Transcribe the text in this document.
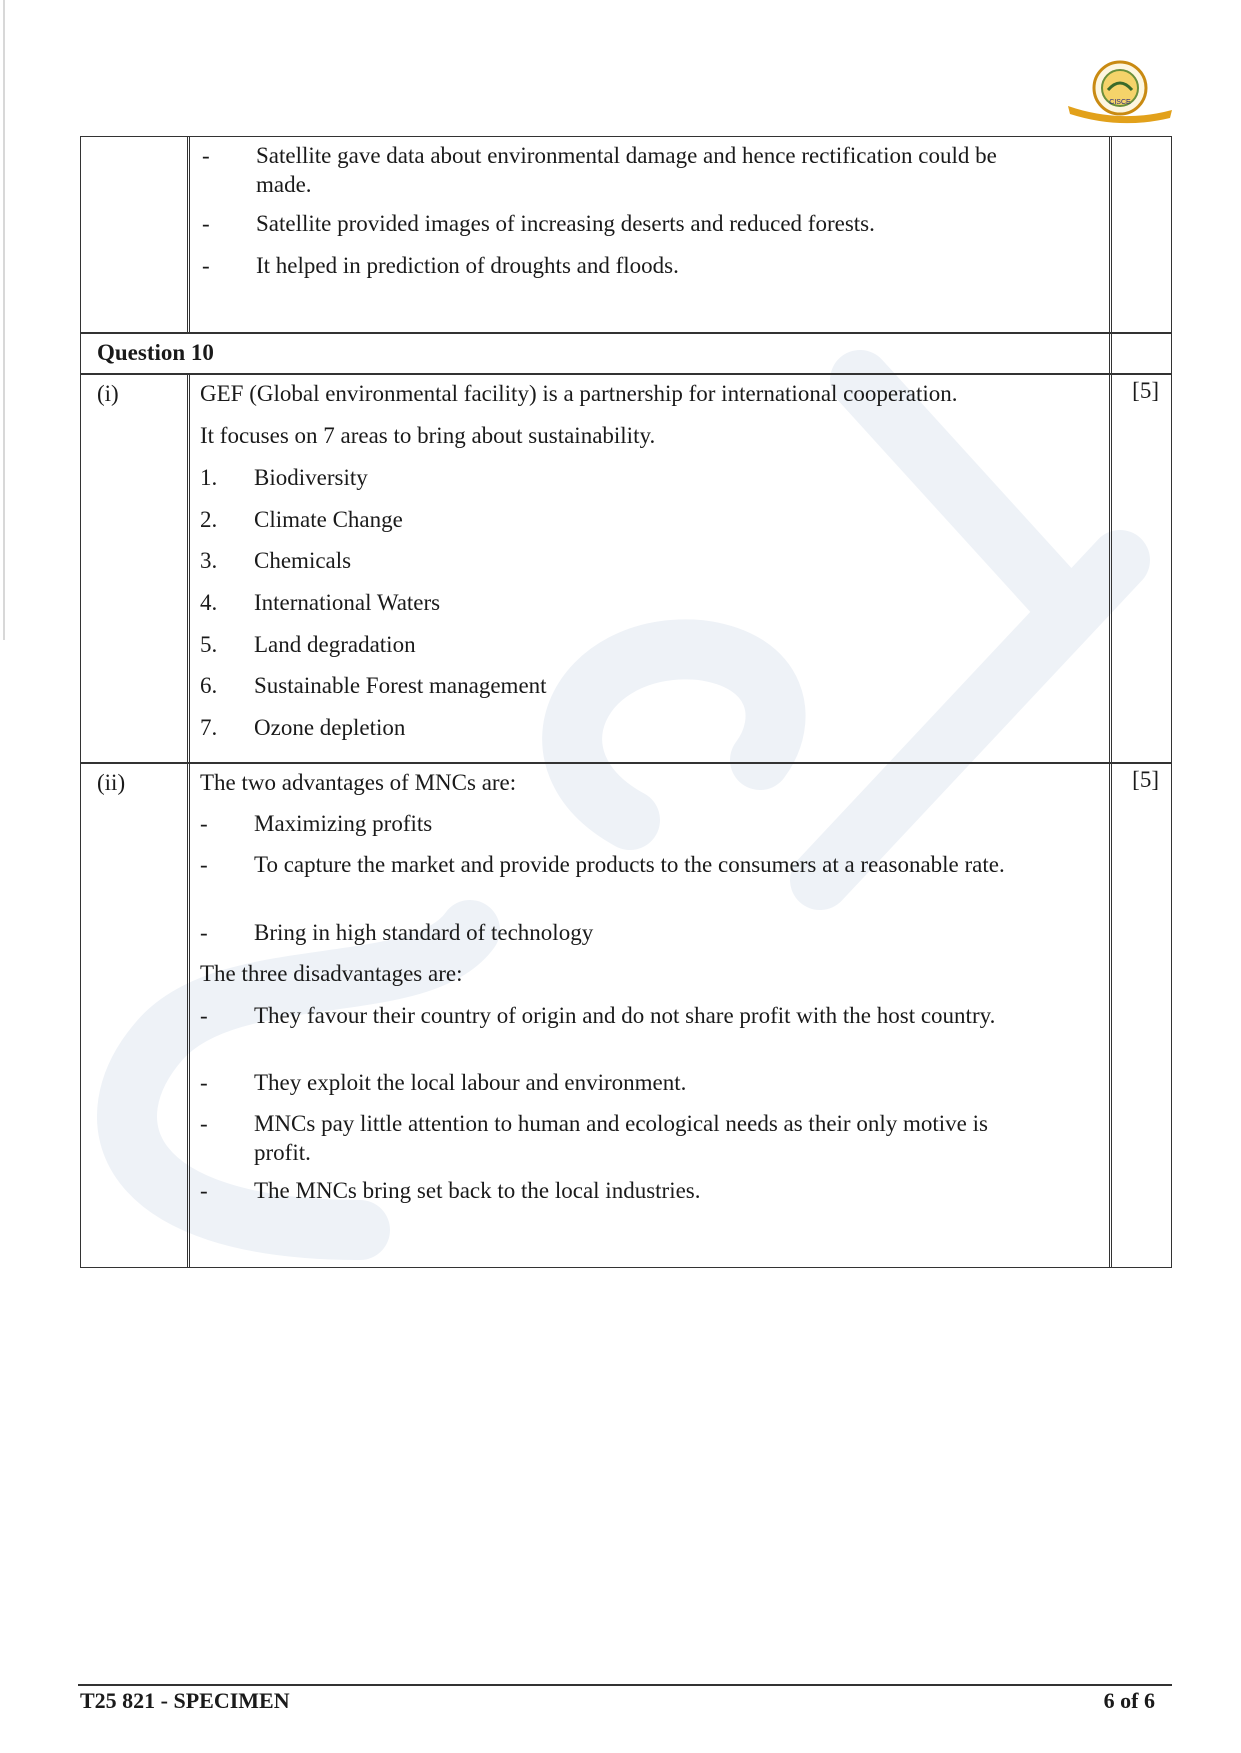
CISCE
-	Satellite gave data about environmental damage and hence rectification could be made.
-	Satellite provided images of increasing deserts and reduced forests.
-	It helped in prediction of droughts and floods.
Question 10
(i)	GEF (Global environmental facility) is a partnership for international cooperation.
It focuses on 7 areas to bring about sustainability.
1.	Biodiversity
2.	Climate Change
3.	Chemicals
4.	International Waters
5.	Land degradation
6.	Sustainable Forest management
7.	Ozone depletion
[5]
(ii)	The two advantages of MNCs are:
-	Maximizing profits
-	To capture the market and provide products to the consumers at a reasonable rate.
-	Bring in high standard of technology
The three disadvantages are:
-	They favour their country of origin and do not share profit with the host country.
-	They exploit the local labour and environment.
-	MNCs pay little attention to human and ecological needs as their only motive is profit.
-	The MNCs bring set back to the local industries.
[5]
T25 821 - SPECIMEN	6 of 6
